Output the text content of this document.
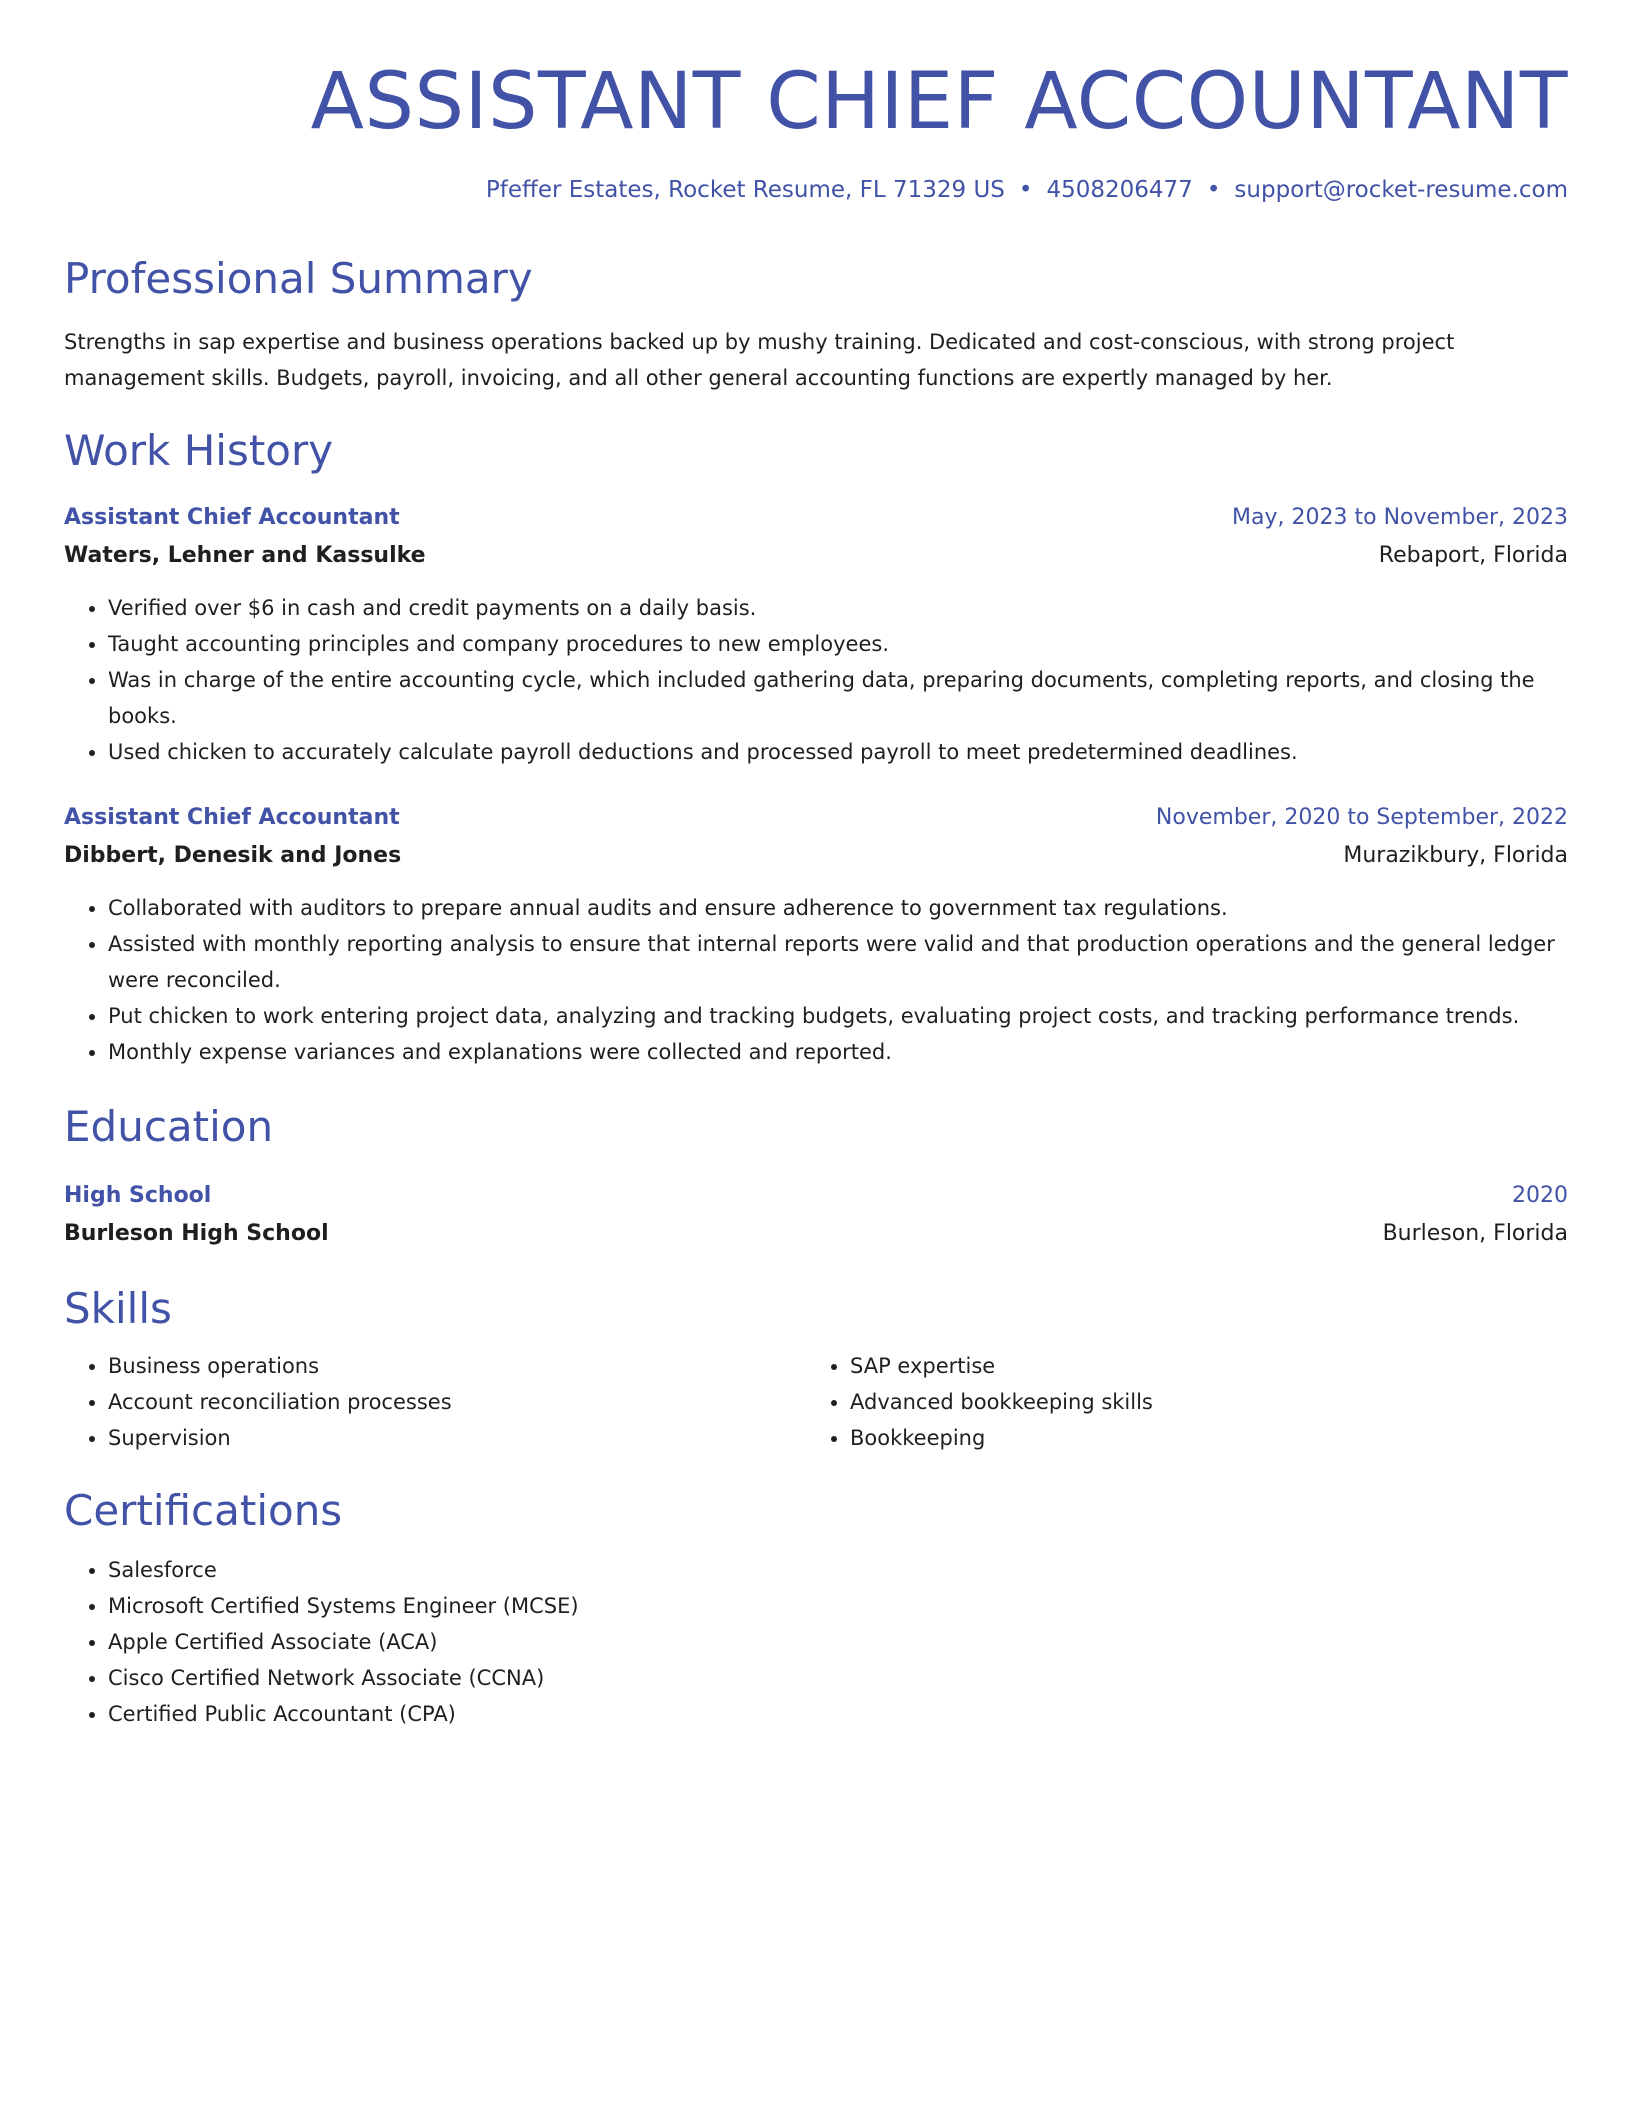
ASSISTANT CHIEF ACCOUNTANT
Pfeffer Estates, Rocket Resume, FL 71329 US • 4508206477 • support@rocket-resume.com
Professional Summary
Strengths in sap expertise and business operations backed up by mushy training. Dedicated and cost-conscious, with strong project management skills. Budgets, payroll, invoicing, and all other general accounting functions are expertly managed by her.
Work History
Assistant Chief Accountant	May, 2023 to November, 2023
Waters, Lehner and Kassulke	Rebaport, Florida
• Verified over $6 in cash and credit payments on a daily basis.
• Taught accounting principles and company procedures to new employees.
• Was in charge of the entire accounting cycle, which included gathering data, preparing documents, completing reports, and closing the books.
• Used chicken to accurately calculate payroll deductions and processed payroll to meet predetermined deadlines.
Assistant Chief Accountant	November, 2020 to September, 2022
Dibbert, Denesik and Jones	Murazikbury, Florida
• Collaborated with auditors to prepare annual audits and ensure adherence to government tax regulations.
• Assisted with monthly reporting analysis to ensure that internal reports were valid and that production operations and the general ledger were reconciled.
• Put chicken to work entering project data, analyzing and tracking budgets, evaluating project costs, and tracking performance trends.
• Monthly expense variances and explanations were collected and reported.
Education
High School	2020
Burleson High School	Burleson, Florida
Skills
• Business operations
• Account reconciliation processes
• Supervision
• SAP expertise
• Advanced bookkeeping skills
• Bookkeeping
Certifications
• Salesforce
• Microsoft Certified Systems Engineer (MCSE)
• Apple Certified Associate (ACA)
• Cisco Certified Network Associate (CCNA)
• Certified Public Accountant (CPA)
